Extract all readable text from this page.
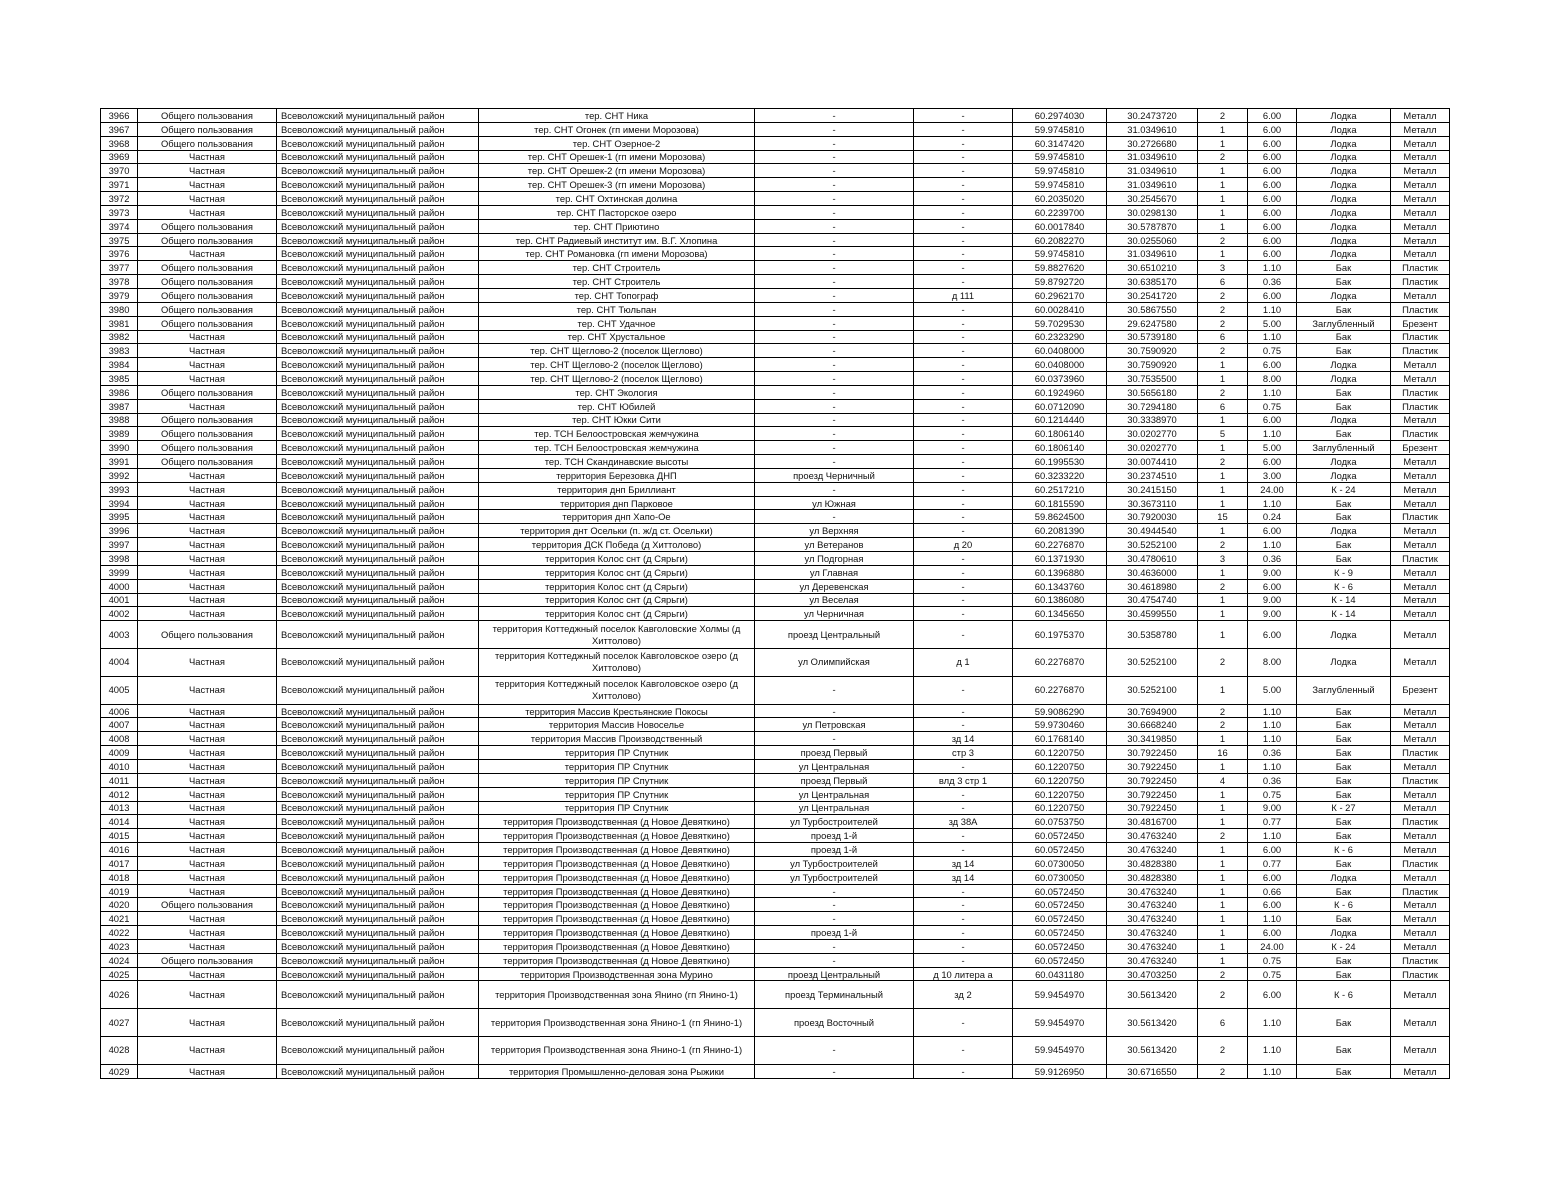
3966	Общего пользования	Всеволожский муниципальный район	тер. СНТ Ника	-	-	60.2974030	30.2473720	2	6.00	Лодка	Металл
3967	Общего пользования	Всеволожский муниципальный район	тер. СНТ Огонек (гп имени Морозова)	-	-	59.9745810	31.0349610	1	6.00	Лодка	Металл
3968	Общего пользования	Всеволожский муниципальный район	тер. СНТ Озерное-2	-	-	60.3147420	30.2726680	1	6.00	Лодка	Металл
3969	Частная	Всеволожский муниципальный район	тер. СНТ Орешек-1 (гп имени Морозова)	-	-	59.9745810	31.0349610	2	6.00	Лодка	Металл
3970	Частная	Всеволожский муниципальный район	тер. СНТ Орешек-2 (гп имени Морозова)	-	-	59.9745810	31.0349610	1	6.00	Лодка	Металл
3971	Частная	Всеволожский муниципальный район	тер. СНТ Орешек-3 (гп имени Морозова)	-	-	59.9745810	31.0349610	1	6.00	Лодка	Металл
3972	Частная	Всеволожский муниципальный район	тер. СНТ Охтинская долина	-	-	60.2035020	30.2545670	1	6.00	Лодка	Металл
3973	Частная	Всеволожский муниципальный район	тер. СНТ Пасторское озеро	-	-	60.2239700	30.0298130	1	6.00	Лодка	Металл
3974	Общего пользования	Всеволожский муниципальный район	тер. СНТ Приютино	-	-	60.0017840	30.5787870	1	6.00	Лодка	Металл
3975	Общего пользования	Всеволожский муниципальный район	тер. СНТ Радиевый институт им. В.Г. Хлопина	-	-	60.2082270	30.0255060	2	6.00	Лодка	Металл
3976	Частная	Всеволожский муниципальный район	тер. СНТ Романовка (гп имени Морозова)	-	-	59.9745810	31.0349610	1	6.00	Лодка	Металл
3977	Общего пользования	Всеволожский муниципальный район	тер. СНТ Строитель	-	-	59.8827620	30.6510210	3	1.10	Бак	Пластик
3978	Общего пользования	Всеволожский муниципальный район	тер. СНТ Строитель	-	-	59.8792720	30.6385170	6	0.36	Бак	Пластик
3979	Общего пользования	Всеволожский муниципальный район	тер. СНТ Топограф	-	д 111	60.2962170	30.2541720	2	6.00	Лодка	Металл
3980	Общего пользования	Всеволожский муниципальный район	тер. СНТ Тюльпан	-	-	60.0028410	30.5867550	2	1.10	Бак	Пластик
3981	Общего пользования	Всеволожский муниципальный район	тер. СНТ Удачное	-	-	59.7029530	29.6247580	2	5.00	Заглубленный	Брезент
3982	Частная	Всеволожский муниципальный район	тер. СНТ Хрустальное	-	-	60.2323290	30.5739180	6	1.10	Бак	Пластик
3983	Частная	Всеволожский муниципальный район	тер. СНТ Щеглово-2 (поселок Щеглово)	-	-	60.0408000	30.7590920	2	0.75	Бак	Пластик
3984	Частная	Всеволожский муниципальный район	тер. СНТ Щеглово-2 (поселок Щеглово)	-	-	60.0408000	30.7590920	1	6.00	Лодка	Металл
3985	Частная	Всеволожский муниципальный район	тер. СНТ Щеглово-2 (поселок Щеглово)	-	-	60.0373960	30.7535500	1	8.00	Лодка	Металл
3986	Общего пользования	Всеволожский муниципальный район	тер. СНТ Экология	-	-	60.1924960	30.5656180	2	1.10	Бак	Пластик
3987	Частная	Всеволожский муниципальный район	тер. СНТ Юбилей	-	-	60.0712090	30.7294180	6	0.75	Бак	Пластик
3988	Общего пользования	Всеволожский муниципальный район	тер. СНТ Юкки Сити	-	-	60.1214440	30.3338970	1	6.00	Лодка	Металл
3989	Общего пользования	Всеволожский муниципальный район	тер. ТСН Белоостровская жемчужина	-	-	60.1806140	30.0202770	5	1.10	Бак	Пластик
3990	Общего пользования	Всеволожский муниципальный район	тер. ТСН Белоостровская жемчужина	-	-	60.1806140	30.0202770	1	5.00	Заглубленный	Брезент
3991	Общего пользования	Всеволожский муниципальный район	тер. ТСН Скандинавские высоты	-	-	60.1995530	30.0074410	2	6.00	Лодка	Металл
3992	Частная	Всеволожский муниципальный район	территория Березовка ДНП	проезд Черничный	-	60.3233220	30.2374510	1	3.00	Лодка	Металл
3993	Частная	Всеволожский муниципальный район	территория днп Бриллиант	-	-	60.2517210	30.2415150	1	24.00	К - 24	Металл
3994	Частная	Всеволожский муниципальный район	территория днп Парковое	ул Южная	-	60.1815590	30.3673110	1	1.10	Бак	Металл
3995	Частная	Всеволожский муниципальный район	территория днп Хапо-Ое	-	-	59.8624500	30.7920030	15	0.24	Бак	Пластик
3996	Частная	Всеволожский муниципальный район	территория днт Осельки (п. ж/д ст. Осельки)	ул Верхняя	-	60.2081390	30.4944540	1	6.00	Лодка	Металл
3997	Частная	Всеволожский муниципальный район	территория ДСК Победа (д Хиттолово)	ул Ветеранов	д 20	60.2276870	30.5252100	2	1.10	Бак	Металл
3998	Частная	Всеволожский муниципальный район	территория Колос снт (д Сярьги)	ул Подгорная	-	60.1371930	30.4780610	3	0.36	Бак	Пластик
3999	Частная	Всеволожский муниципальный район	территория Колос снт (д Сярьги)	ул Главная	-	60.1396880	30.4636000	1	9.00	К - 9	Металл
4000	Частная	Всеволожский муниципальный район	территория Колос снт (д Сярьги)	ул Деревенская	-	60.1343760	30.4618980	2	6.00	К - 6	Металл
4001	Частная	Всеволожский муниципальный район	территория Колос снт (д Сярьги)	ул Веселая	-	60.1386080	30.4754740	1	9.00	К - 14	Металл
4002	Частная	Всеволожский муниципальный район	территория Колос снт (д Сярьги)	ул Черничная	-	60.1345650	30.4599550	1	9.00	К - 14	Металл
4003	Общего пользования	Всеволожский муниципальный район	территория Коттеджный поселок Кавголовские Холмы (д Хиттолово)	проезд Центральный	-	60.1975370	30.5358780	1	6.00	Лодка	Металл
4004	Частная	Всеволожский муниципальный район	территория Коттеджный поселок Кавголовское озеро (д Хиттолово)	ул Олимпийская	д 1	60.2276870	30.5252100	2	8.00	Лодка	Металл
4005	Частная	Всеволожский муниципальный район	территория Коттеджный поселок Кавголовское озеро (д Хиттолово)	-	-	60.2276870	30.5252100	1	5.00	Заглубленный	Брезент
4006	Частная	Всеволожский муниципальный район	территория Массив Крестьянские Покосы	-	-	59.9086290	30.7694900	2	1.10	Бак	Металл
4007	Частная	Всеволожский муниципальный район	территория Массив Новоселье	ул Петровская	-	59.9730460	30.6668240	2	1.10	Бак	Металл
4008	Частная	Всеволожский муниципальный район	территория Массив Производственный	-	зд 14	60.1768140	30.3419850	1	1.10	Бак	Металл
4009	Частная	Всеволожский муниципальный район	территория ПР Спутник	проезд Первый	стр 3	60.1220750	30.7922450	16	0.36	Бак	Пластик
4010	Частная	Всеволожский муниципальный район	территория ПР Спутник	ул Центральная	-	60.1220750	30.7922450	1	1.10	Бак	Металл
4011	Частная	Всеволожский муниципальный район	территория ПР Спутник	проезд Первый	влд 3 стр 1	60.1220750	30.7922450	4	0.36	Бак	Пластик
4012	Частная	Всеволожский муниципальный район	территория ПР Спутник	ул Центральная	-	60.1220750	30.7922450	1	0.75	Бак	Металл
4013	Частная	Всеволожский муниципальный район	территория ПР Спутник	ул Центральная	-	60.1220750	30.7922450	1	9.00	К - 27	Металл
4014	Частная	Всеволожский муниципальный район	территория Производственная (д Новое Девяткино)	ул Турбостроителей	зд 38А	60.0753750	30.4816700	1	0.77	Бак	Пластик
4015	Частная	Всеволожский муниципальный район	территория Производственная (д Новое Девяткино)	проезд 1-й	-	60.0572450	30.4763240	2	1.10	Бак	Металл
4016	Частная	Всеволожский муниципальный район	территория Производственная (д Новое Девяткино)	проезд 1-й	-	60.0572450	30.4763240	1	6.00	К - 6	Металл
4017	Частная	Всеволожский муниципальный район	территория Производственная (д Новое Девяткино)	ул Турбостроителей	зд 14	60.0730050	30.4828380	1	0.77	Бак	Пластик
4018	Частная	Всеволожский муниципальный район	территория Производственная (д Новое Девяткино)	ул Турбостроителей	зд 14	60.0730050	30.4828380	1	6.00	Лодка	Металл
4019	Частная	Всеволожский муниципальный район	территория Производственная (д Новое Девяткино)	-	-	60.0572450	30.4763240	1	0.66	Бак	Пластик
4020	Общего пользования	Всеволожский муниципальный район	территория Производственная (д Новое Девяткино)	-	-	60.0572450	30.4763240	1	6.00	К - 6	Металл
4021	Частная	Всеволожский муниципальный район	территория Производственная (д Новое Девяткино)	-	-	60.0572450	30.4763240	1	1.10	Бак	Металл
4022	Частная	Всеволожский муниципальный район	территория Производственная (д Новое Девяткино)	проезд 1-й	-	60.0572450	30.4763240	1	6.00	Лодка	Металл
4023	Частная	Всеволожский муниципальный район	территория Производственная (д Новое Девяткино)	-	-	60.0572450	30.4763240	1	24.00	К - 24	Металл
4024	Общего пользования	Всеволожский муниципальный район	территория Производственная (д Новое Девяткино)	-	-	60.0572450	30.4763240	1	0.75	Бак	Пластик
4025	Частная	Всеволожский муниципальный район	территория Производственная зона Мурино	проезд Центральный	д 10 литера а	60.0431180	30.4703250	2	0.75	Бак	Пластик
4026	Частная	Всеволожский муниципальный район	территория Производственная зона Янино (гп Янино-1)	проезд Терминальный	зд 2	59.9454970	30.5613420	2	6.00	К - 6	Металл
4027	Частная	Всеволожский муниципальный район	территория Производственная зона Янино-1 (гп Янино-1)	проезд Восточный	-	59.9454970	30.5613420	6	1.10	Бак	Металл
4028	Частная	Всеволожский муниципальный район	территория Производственная зона Янино-1 (гп Янино-1)	-	-	59.9454970	30.5613420	2	1.10	Бак	Металл
4029	Частная	Всеволожский муниципальный район	территория Промышленно-деловая зона Рыжики	-	-	59.9126950	30.6716550	2	1.10	Бак	Металл
